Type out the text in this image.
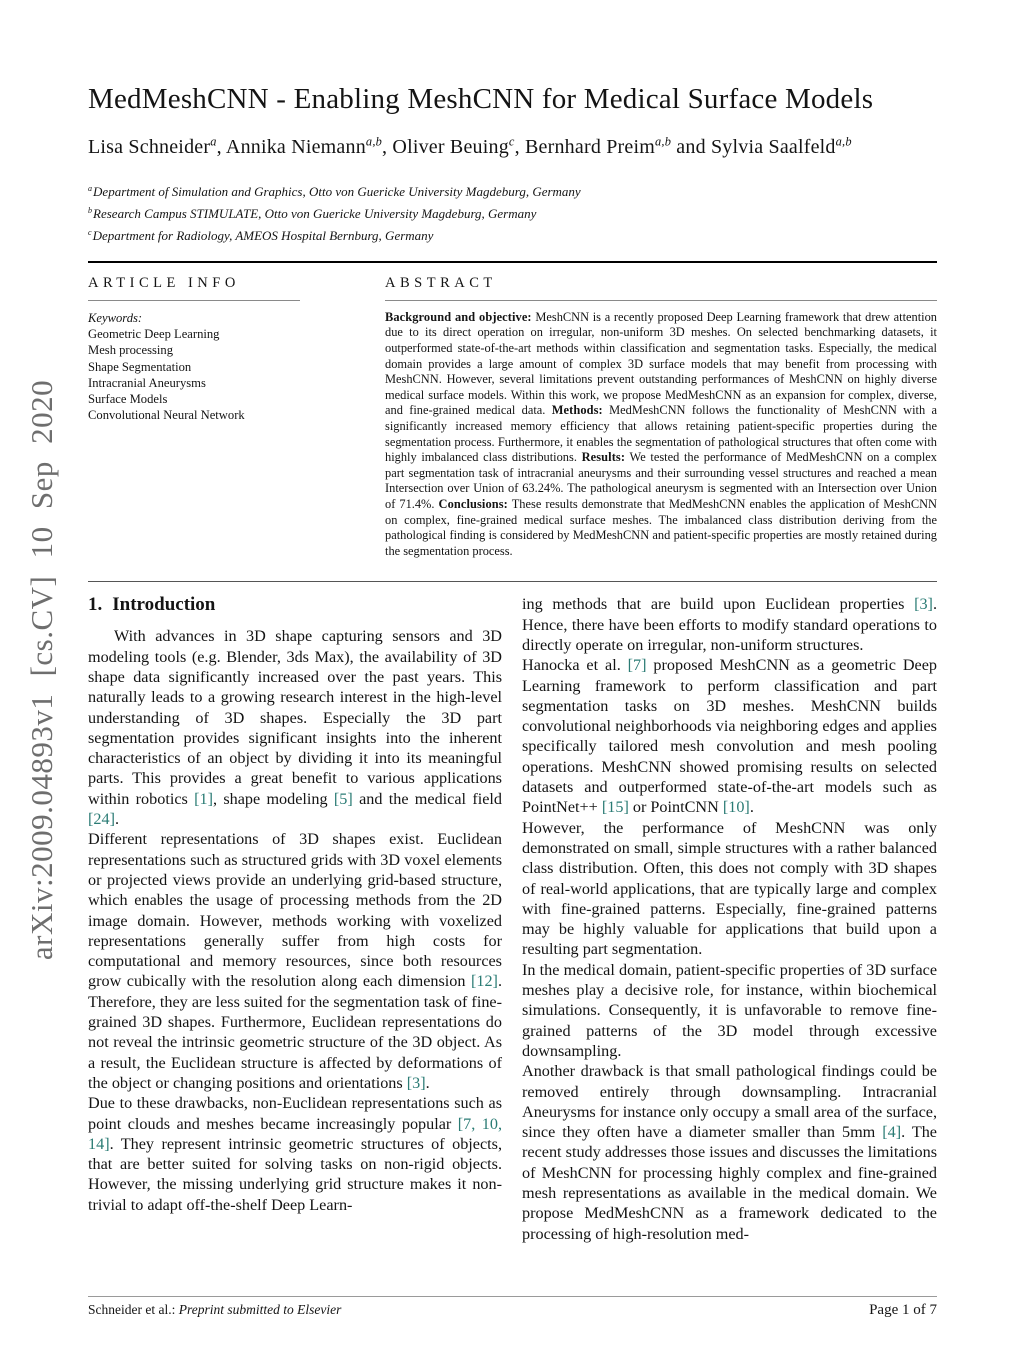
arXiv:2009.04893v1 [cs.CV] 10 Sep 2020
MedMeshCNN - Enabling MeshCNN for Medical Surface Models
Lisa Schneider$^a$, Annika Niemann$^{a,b}$, Oliver Beuing$^c$, Bernhard Preim$^{a,b}$ and Sylvia Saalfeld$^{a,b}$
$^a$Department of Simulation and Graphics, Otto von Guericke University Magdeburg, Germany
$^b$Research Campus STIMULATE, Otto von Guericke University Magdeburg, Germany
$^c$Department for Radiology, AMEOS Hospital Bernburg, Germany
ARTICLE INFO
Keywords:
Geometric Deep Learning
Mesh processing
Shape Segmentation
Intracranial Aneurysms
Surface Models
Convolutional Neural Network
ABSTRACT

Background and objective: MeshCNN is a recently proposed Deep Learning framework that drew attention due to its direct operation on irregular, non-uniform 3D meshes. On selected benchmarking datasets, it outperformed state-of-the-art methods within classification and segmentation tasks. Especially, the medical domain provides a large amount of complex 3D surface models that may benefit from processing with MeshCNN. However, several limitations prevent outstanding performances of MeshCNN on highly diverse medical surface models. Within this work, we propose MedMeshCNN as an expansion for complex, diverse, and fine-grained medical data. Methods: MedMeshCNN follows the functionality of MeshCNN with a significantly increased memory efficiency that allows retaining patient-specific properties during the segmentation process. Furthermore, it enables the segmentation of pathological structures that often come with highly imbalanced class distributions. Results: We tested the performance of MedMeshCNN on a complex part segmentation task of intracranial aneurysms and their surrounding vessel structures and reached a mean Intersection over Union of 63.24%. The pathological aneurysm is segmented with an Intersection over Union of 71.4%. Conclusions: These results demonstrate that MedMeshCNN enables the application of MeshCNN on complex, fine-grained medical surface meshes. The imbalanced class distribution deriving from the pathological finding is considered by MedMeshCNN and patient-specific properties are mostly retained during the segmentation process.

1. Introduction

With advances in 3D shape capturing sensors and 3D modeling tools (e.g. Blender, 3ds Max), the availability of 3D shape data significantly increased over the past years. This naturally leads to a growing research interest in the high-level understanding of 3D shapes. Especially the 3D part segmentation provides significant insights into the inherent characteristics of an object by dividing it into its meaningful parts. This provides a great benefit to various applications within robotics [1], shape modeling [5] and the medical field [24].

Different representations of 3D shapes exist. Euclidean representations such as structured grids with 3D voxel elements or projected views provide an underlying grid-based structure, which enables the usage of processing methods from the 2D image domain. However, methods working with voxelized representations generally suffer from high costs for computational and memory resources, since both resources grow cubically with the resolution along each dimension [12]. Therefore, they are less suited for the segmentation task of fine-grained 3D shapes. Furthermore, Euclidean representations do not reveal the intrinsic geometric structure of the 3D object. As a result, the Euclidean structure is affected by deformations of the object or changing positions and orientations [3].

Due to these drawbacks, non-Euclidean representations such as point clouds and meshes became increasingly popular [7, 10, 14]. They represent intrinsic geometric structures of objects, that are better suited for solving tasks on non-rigid objects. However, the missing underlying grid structure makes it non-trivial to adapt off-the-shelf Deep Learn-

ing methods that are build upon Euclidean properties [3]. Hence, there have been efforts to modify standard operations to directly operate on irregular, non-uniform structures.

Hanocka et al. [7] proposed MeshCNN as a geometric Deep Learning framework to perform classification and part segmentation tasks on 3D meshes. MeshCNN builds convolutional neighborhoods via neighboring edges and applies specifically tailored mesh convolution and mesh pooling operations. MeshCNN showed promising results on selected datasets and outperformed state-of-the-art models such as PointNet++ [15] or PointCNN [10].

However, the performance of MeshCNN was only demonstrated on small, simple structures with a rather balanced class distribution. Often, this does not comply with 3D shapes of real-world applications, that are typically large and complex with fine-grained patterns. Especially, fine-grained patterns may be highly valuable for applications that build upon a resulting part segmentation.

In the medical domain, patient-specific properties of 3D surface meshes play a decisive role, for instance, within biochemical simulations. Consequently, it is unfavorable to remove fine-grained patterns of the 3D model through excessive downsampling.

Another drawback is that small pathological findings could be removed entirely through downsampling. Intracranial Aneurysms for instance only occupy a small area of the surface, since they often have a diameter smaller than 5mm [4]. The recent study addresses those issues and discusses the limitations of MeshCNN for processing highly complex and fine-grained mesh representations as available in the medical domain. We propose MedMeshCNN as a framework dedicated to the processing of high-resolution med-

Schneider et al.: Preprint submitted to Elsevier	Page 1 of 7
